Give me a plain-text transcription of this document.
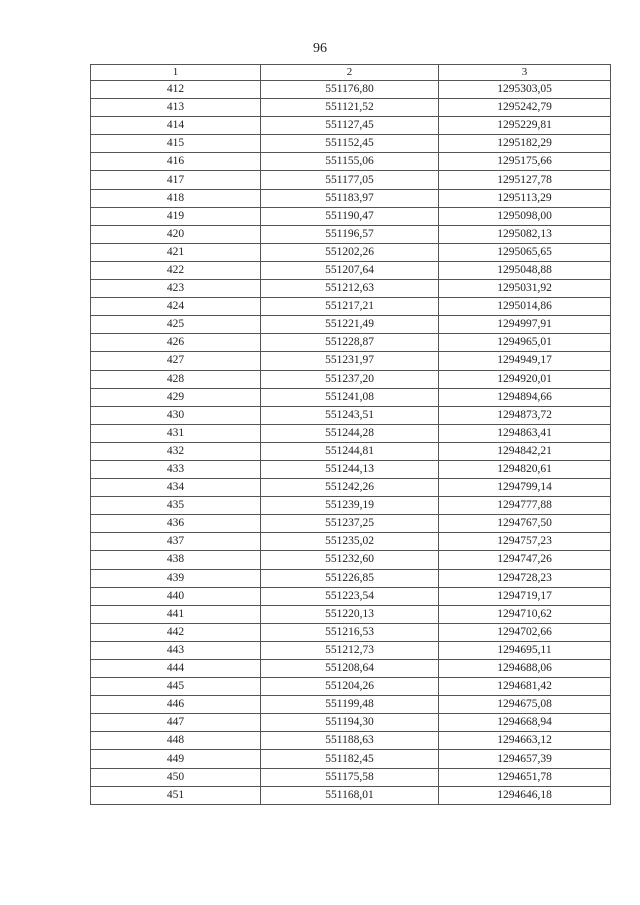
96
1	2	3
412	551176,80	1295303,05
413	551121,52	1295242,79
414	551127,45	1295229,81
415	551152,45	1295182,29
416	551155,06	1295175,66
417	551177,05	1295127,78
418	551183,97	1295113,29
419	551190,47	1295098,00
420	551196,57	1295082,13
421	551202,26	1295065,65
422	551207,64	1295048,88
423	551212,63	1295031,92
424	551217,21	1295014,86
425	551221,49	1294997,91
426	551228,87	1294965,01
427	551231,97	1294949,17
428	551237,20	1294920,01
429	551241,08	1294894,66
430	551243,51	1294873,72
431	551244,28	1294863,41
432	551244,81	1294842,21
433	551244,13	1294820,61
434	551242,26	1294799,14
435	551239,19	1294777,88
436	551237,25	1294767,50
437	551235,02	1294757,23
438	551232,60	1294747,26
439	551226,85	1294728,23
440	551223,54	1294719,17
441	551220,13	1294710,62
442	551216,53	1294702,66
443	551212,73	1294695,11
444	551208,64	1294688,06
445	551204,26	1294681,42
446	551199,48	1294675,08
447	551194,30	1294668,94
448	551188,63	1294663,12
449	551182,45	1294657,39
450	551175,58	1294651,78
451	551168,01	1294646,18
